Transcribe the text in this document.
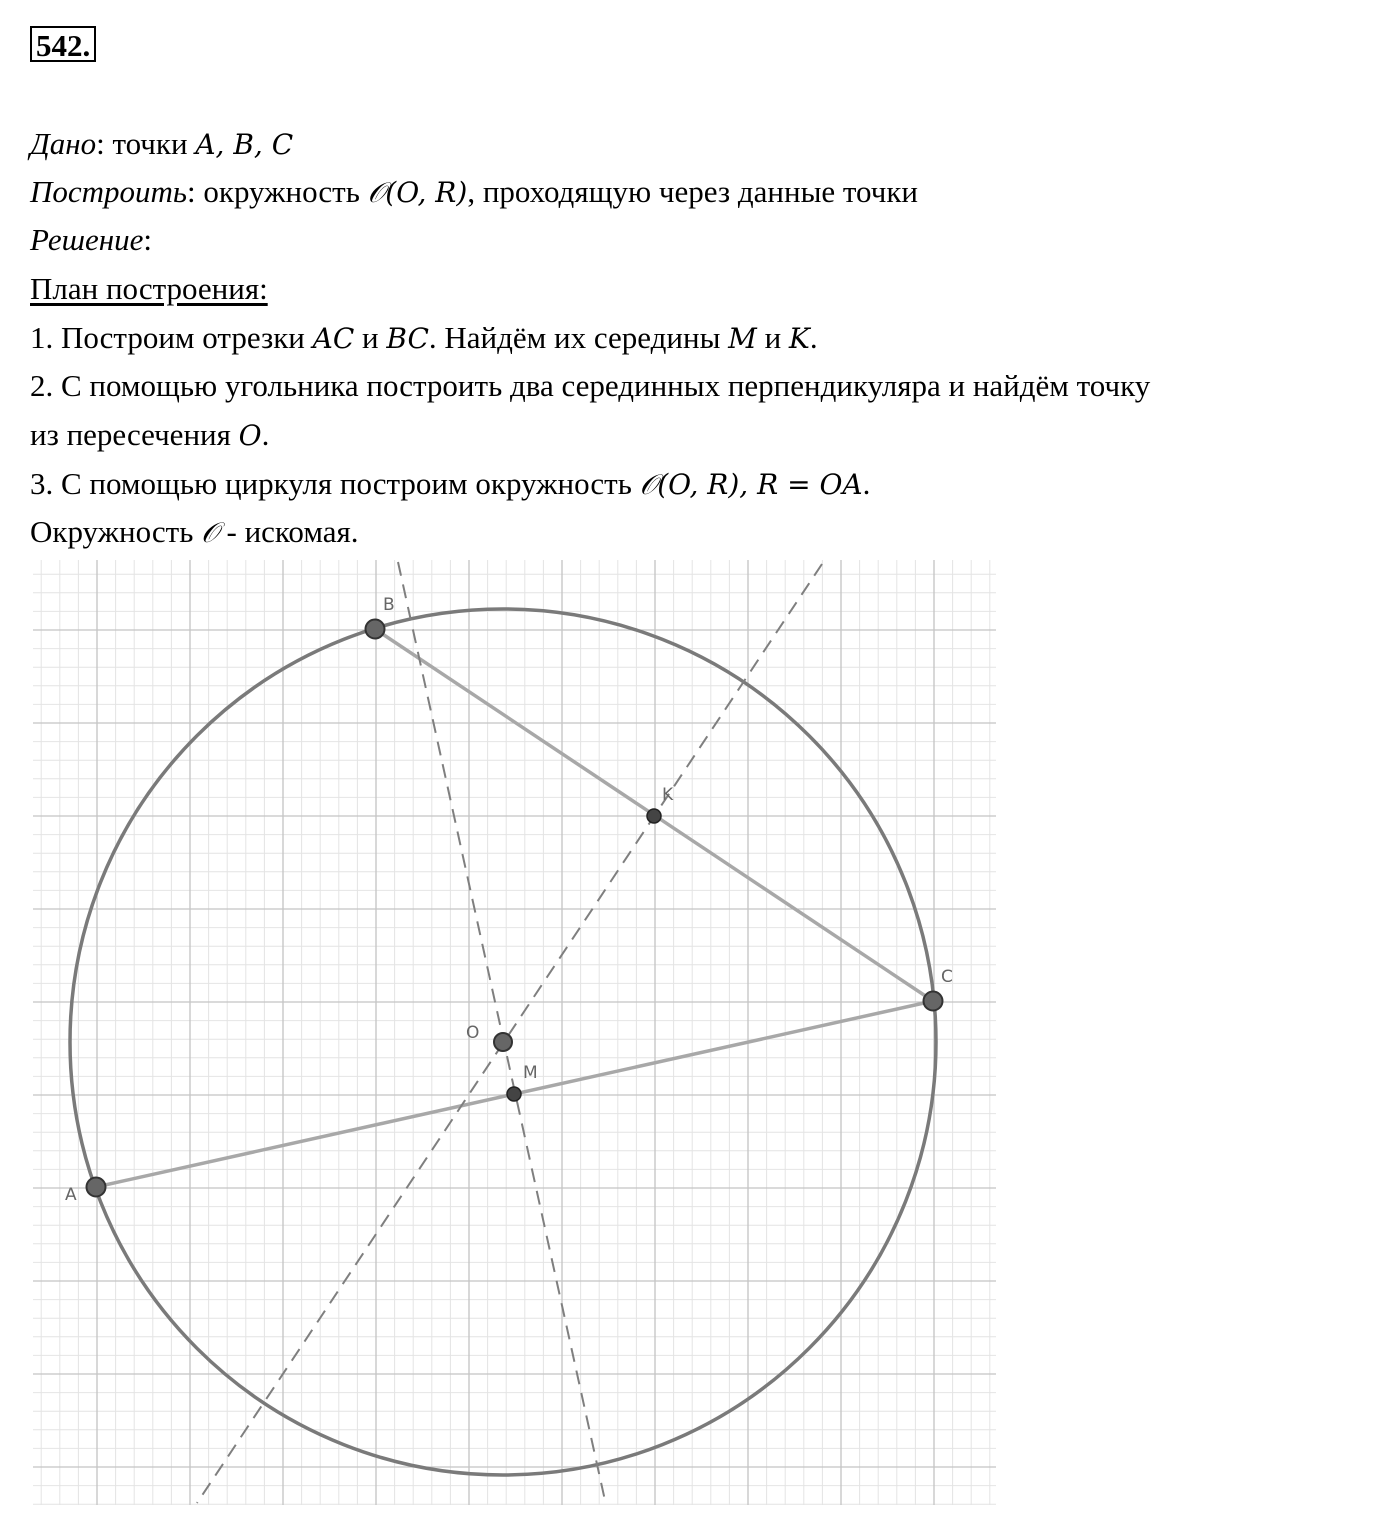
542.
Дано: точки A, B, C
Построить: окружность 𝒪(O, R), проходящую через данные точки
Решение:
План построения:
1. Построим отрезки AC и BC. Найдём их середины M и K.
2. С помощью угольника построить два серединных перпендикуляра и найдём точку
из пересечения O.
3. С помощью циркуля построим окружность 𝒪(O, R), R = OA.
Окружность 𝒪 - искомая.
A
B
C
K
O
M
